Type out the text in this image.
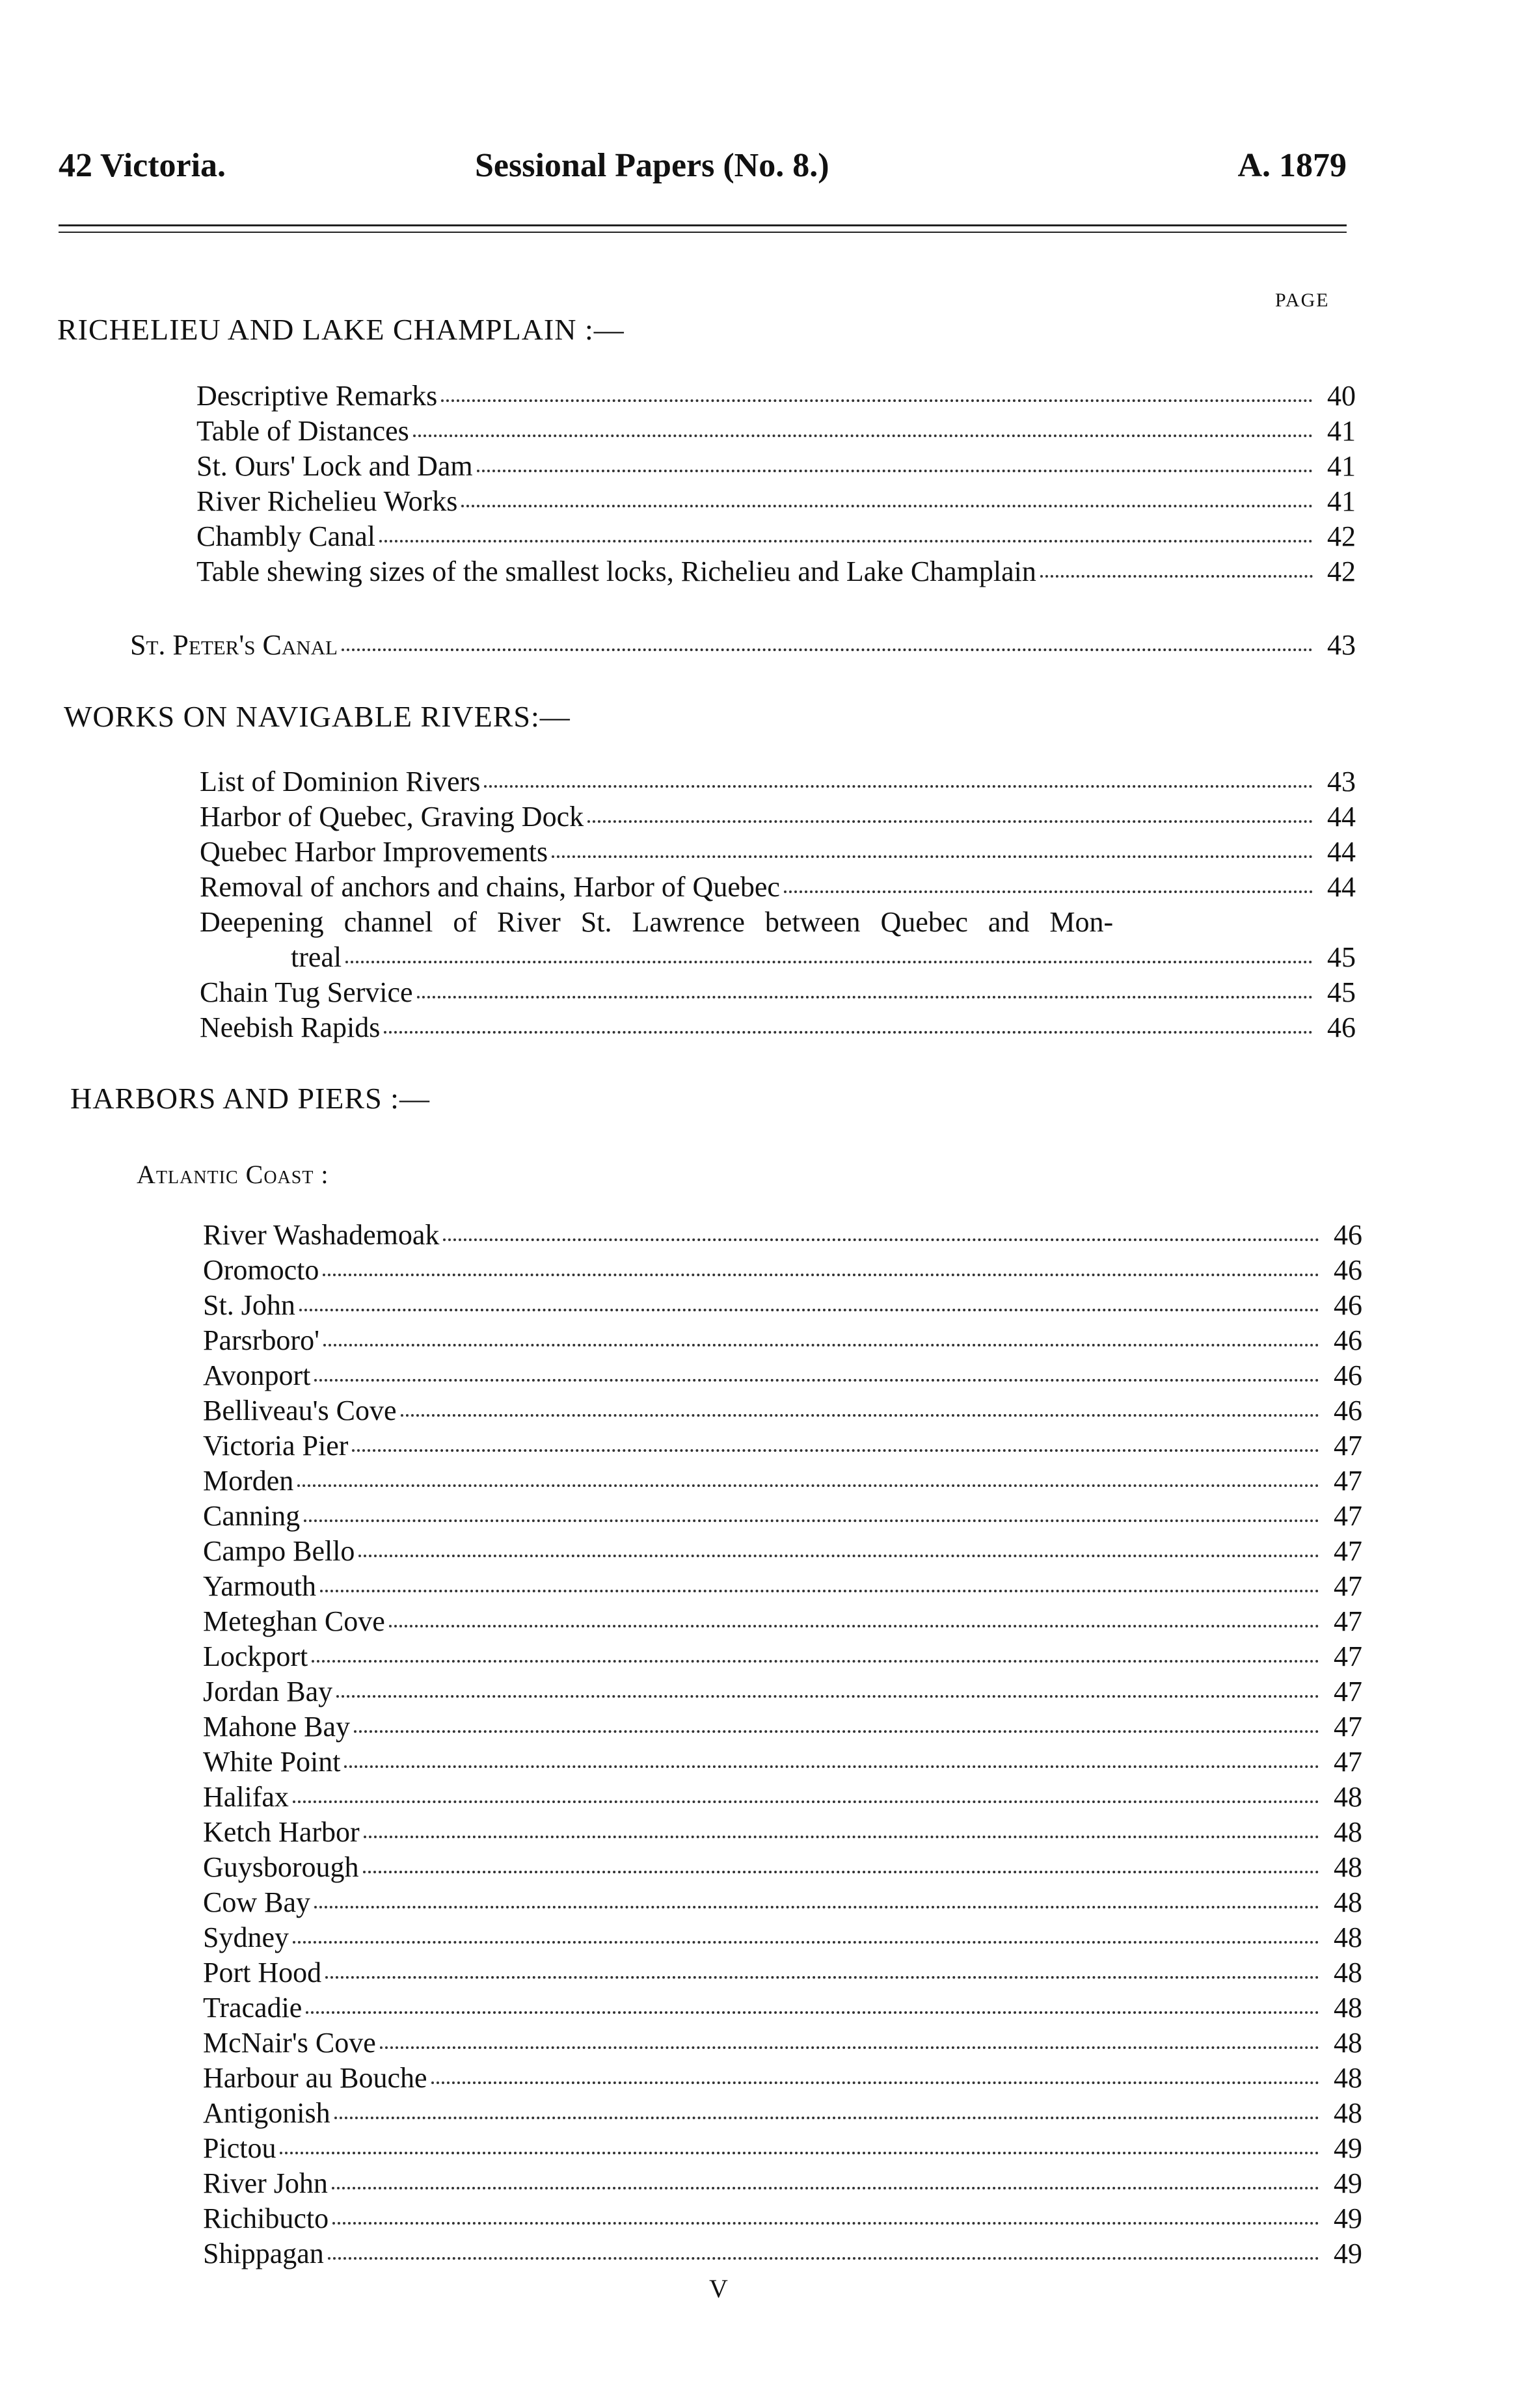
42 Victoria.	Sessional Papers (No. 8.)	A. 1879
PAGE
RICHELIEU AND LAKE CHAMPLAIN :—
Descriptive Remarks	40
Table of Distances	41
St. Ours' Lock and Dam	41
River Richelieu Works	41
Chambly Canal	42
Table shewing sizes of the smallest locks, Richelieu and Lake Champlain	42
St. Peter's Canal	43
WORKS ON NAVIGABLE RIVERS:—
List of Dominion Rivers	43
Harbor of Quebec, Graving Dock	44
Quebec Harbor Improvements	44
Removal of anchors and chains, Harbor of Quebec	44
Deepening channel of River St. Lawrence between Quebec and Mon-
treal	45
Chain Tug Service	45
Neebish Rapids	46
HARBORS AND PIERS :—
Atlantic Coast :
River Washademoak	46
Oromocto	46
St. John	46
Parsrboro'	46
Avonport	46
Belliveau's Cove	46
Victoria Pier	47
Morden	47
Canning	47
Campo Bello	47
Yarmouth	47
Meteghan Cove	47
Lockport	47
Jordan Bay	47
Mahone Bay	47
White Point	47
Halifax	48
Ketch Harbor	48
Guysborough	48
Cow Bay	48
Sydney	48
Port Hood	48
Tracadie	48
McNair's Cove	48
Harbour au Bouche	48
Antigonish	48
Pictou	49
River John	49
Richibucto	49
Shippagan	49
V
